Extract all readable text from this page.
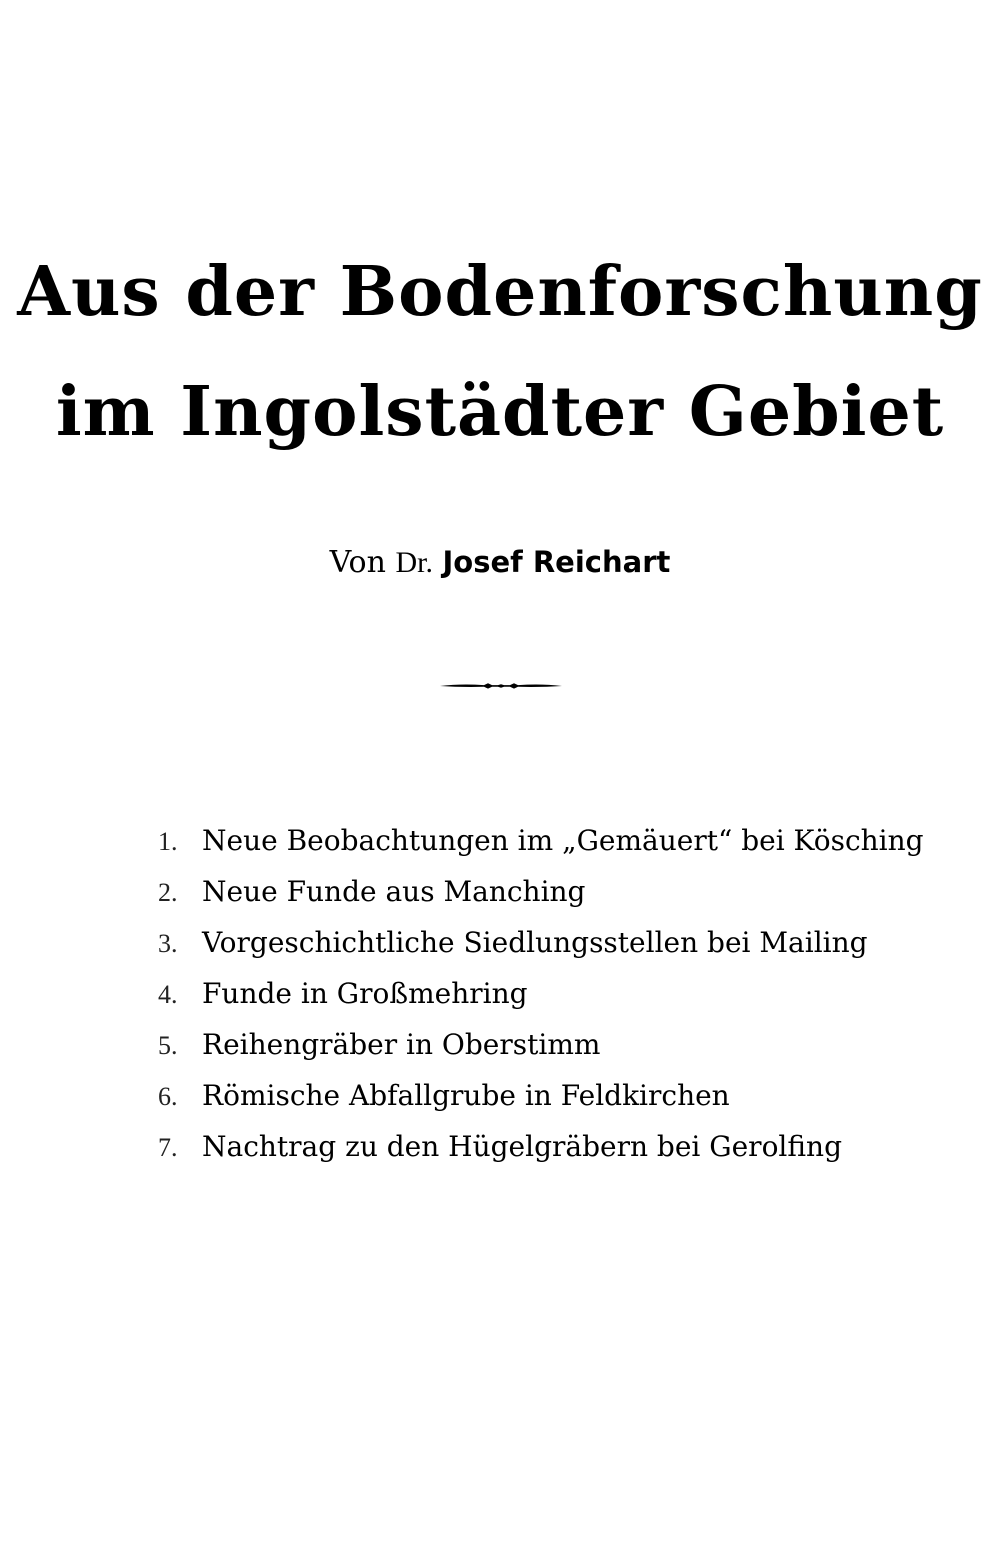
Aus der Bodenforschung
im Ingolstädter Gebiet
Von Dr. Josef Reichart
1. Neue Beobachtungen im „Gemäuert“ bei Kösching
2. Neue Funde aus Manching
3. Vorgeschichtliche Siedlungsstellen bei Mailing
4. Funde in Großmehring
5. Reihengräber in Oberstimm
6. Römische Abfallgrube in Feldkirchen
7. Nachtrag zu den Hügelgräbern bei Gerolfing
